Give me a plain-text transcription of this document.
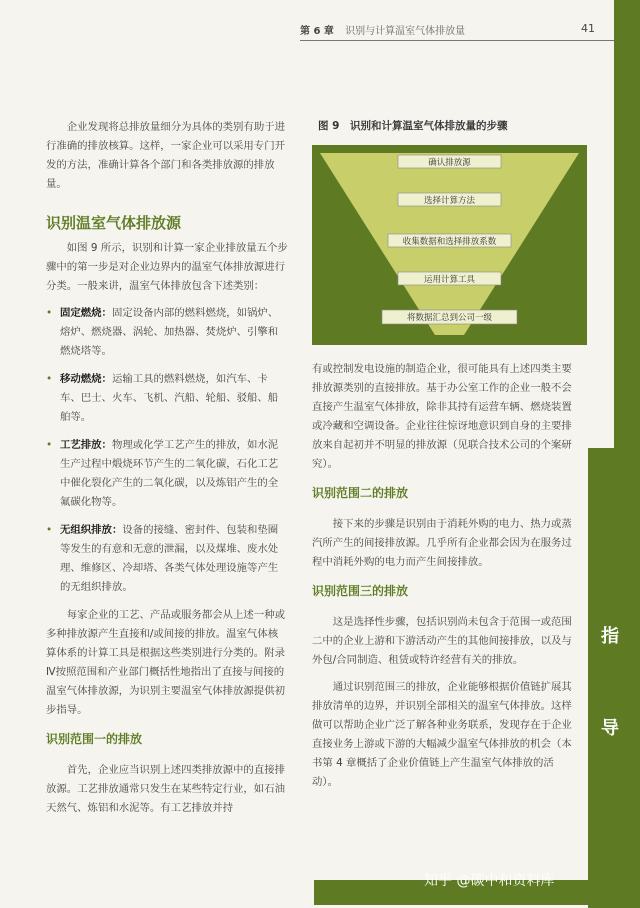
第 6 章 识别与计算温室气体排放量	41
指
导
知乎 @碳中和资料库

企业发现将总排放量细分为具体的类别有助于进行准确的排放核算。这样，一家企业可以采用专门开发的方法，准确计算各个部门和各类排放源的排放量。

识别温室气体排放源

如图 9 所示，识别和计算一家企业排放量五个步骤中的第一步是对企业边界内的温室气体排放源进行分类。一般来讲，温室气体排放包含下述类别：

• 固定燃烧：固定设备内部的燃料燃烧，如锅炉、熔炉、燃烧器、涡轮、加热器、焚烧炉、引擎和燃烧塔等。
• 移动燃烧：运输工具的燃料燃烧，如汽车、卡车、巴士、火车、飞机、汽船、轮船、驳船、船舶等。
• 工艺排放：物理或化学工艺产生的排放，如水泥生产过程中煅烧环节产生的二氧化碳，石化工艺中催化裂化产生的二氧化碳，以及炼铝产生的全氟碳化物等。
• 无组织排放：设备的接缝、密封件、包装和垫圈等发生的有意和无意的泄漏，以及煤堆、废水处理、维修区、冷却塔、各类气体处理设施等产生的无组织排放。

每家企业的工艺、产品或服务都会从上述一种或多种排放源产生直接和/或间接的排放。温室气体核算体系的计算工具是根据这些类别进行分类的。附录Ⅳ按照范围和产业部门概括性地指出了直接与间接的温室气体排放源，为识别主要温室气体排放源提供初步指导。

识别范围一的排放

首先，企业应当识别上述四类排放源中的直接排放源。工艺排放通常只发生在某些特定行业，如石油天然气、炼铝和水泥等。有工艺排放并持

图 9　识别和计算温室气体排放量的步骤
确认排放源
选择计算方法
收集数据和选择排放系数
运用计算工具
将数据汇总到公司一级

有或控制发电设施的制造企业，很可能具有上述四类主要排放源类别的直接排放。基于办公室工作的企业一般不会直接产生温室气体排放，除非其持有运营车辆、燃烧装置或冷藏和空调设备。企业往往惊讶地意识到自身的主要排放来自起初并不明显的排放源（见联合技术公司的个案研究）。

识别范围二的排放

接下来的步骤是识别由于消耗外购的电力、热力或蒸汽所产生的间接排放源。几乎所有企业都会因为在服务过程中消耗外购的电力而产生间接排放。

识别范围三的排放

这是选择性步骤，包括识别尚未包含于范围一或范围二中的企业上游和下游活动产生的其他间接排放，以及与外包/合同制造、租赁或特许经营有关的排放。

通过识别范围三的排放，企业能够根据价值链扩展其排放清单的边界，并识别全部相关的温室气体排放。这样做可以帮助企业广泛了解各种业务联系，发现存在于企业直接业务上游或下游的大幅减少温室气体排放的机会（本书第 4 章概括了企业价值链上产生温室气体排放的活动）。
